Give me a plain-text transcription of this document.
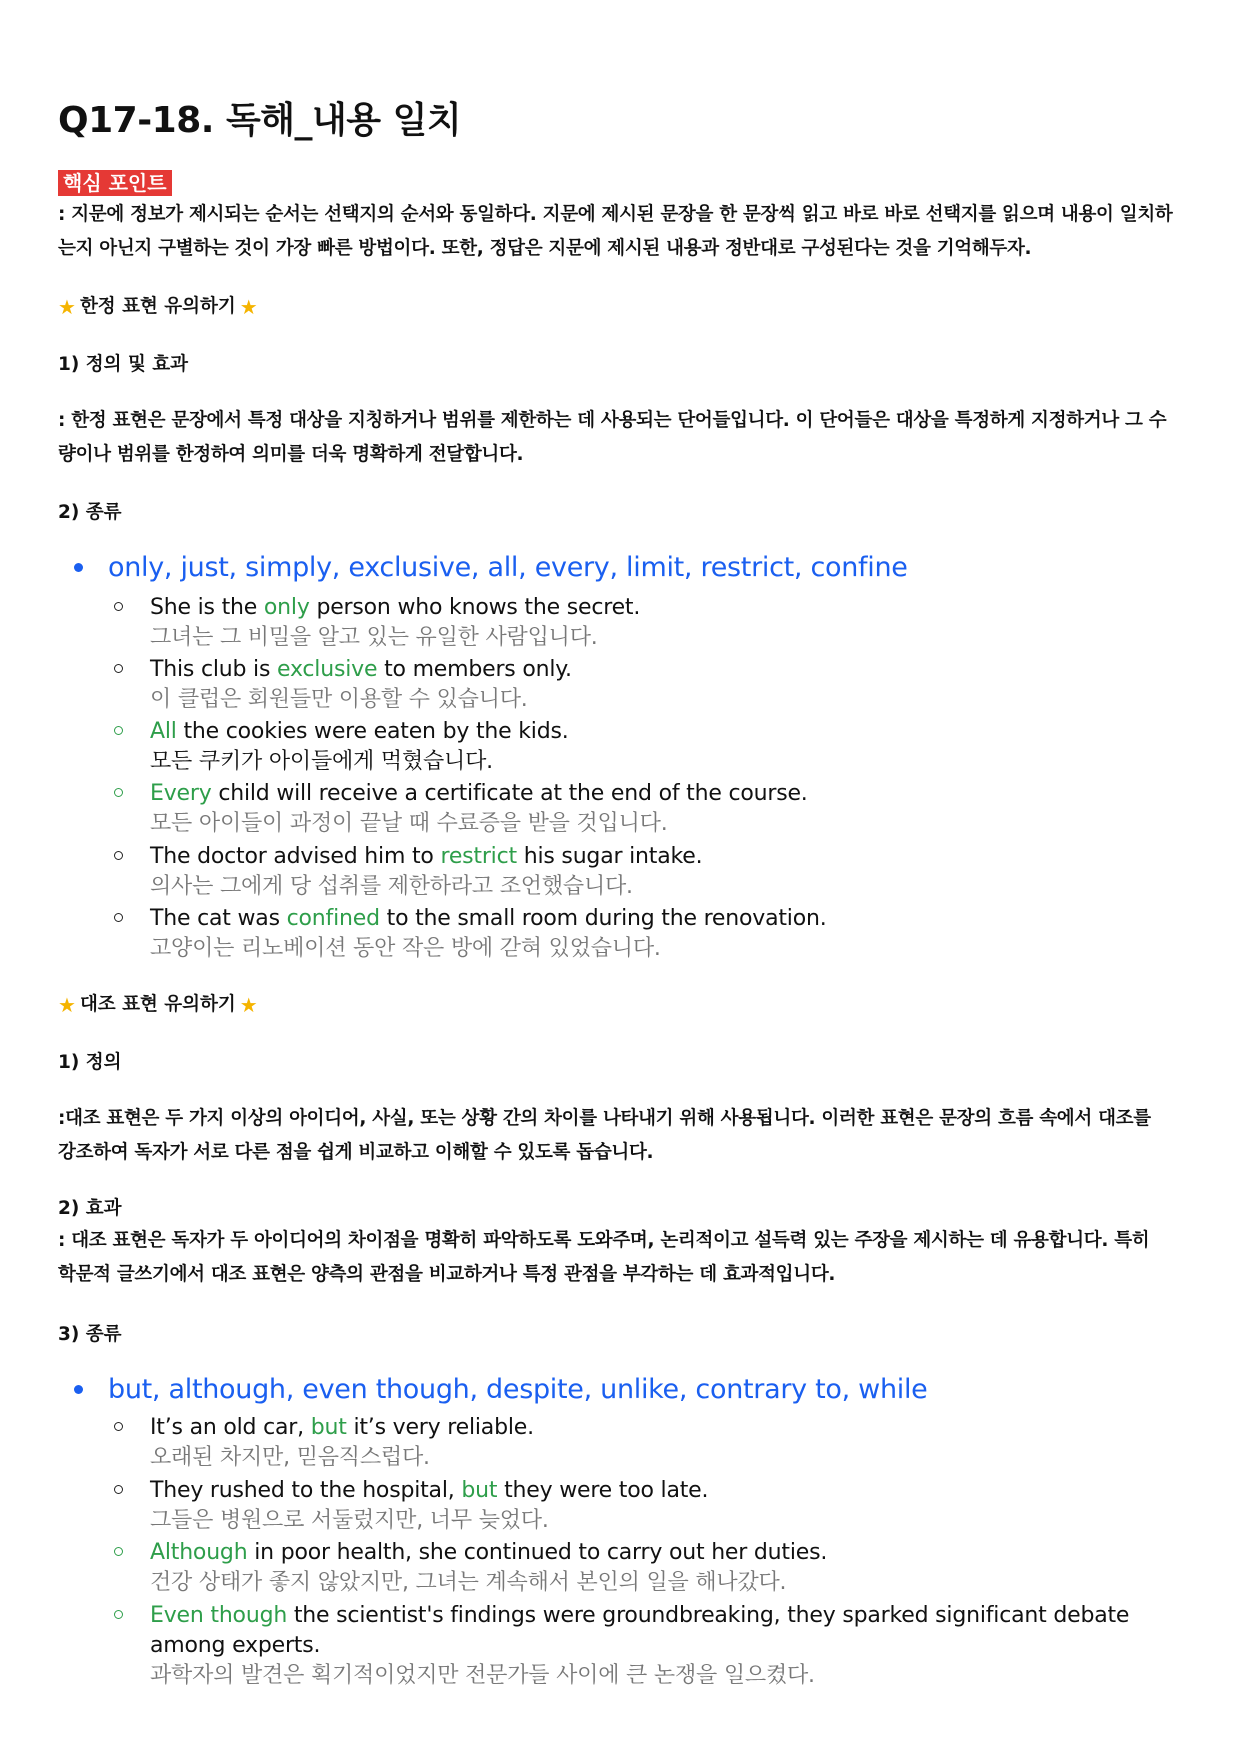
Q17-18. 독해_내용 일치
핵심 포인트

: 지문에 정보가 제시되는 순서는 선택지의 순서와 동일하다. 지문에 제시된 문장을 한 문장씩 읽고 바로 바로 선택지를 읽으며 내용이 일치하는지 아닌지 구별하는 것이 가장 빠른 방법이다. 또한, 정답은 지문에 제시된 내용과 정반대로 구성된다는 것을 기억해두자.

★ 한정 표현 유의하기 ★

1) 정의 및 효과

: 한정 표현은 문장에서 특정 대상을 지칭하거나 범위를 제한하는 데 사용되는 단어들입니다. 이 단어들은 대상을 특정하게 지정하거나 그 수량이나 범위를 한정하여 의미를 더욱 명확하게 전달합니다.

2) 종류

only, just, simply, exclusive, all, every, limit, restrict, confine
She is the only person who knows the secret.
그녀는 그 비밀을 알고 있는 유일한 사람입니다.
This club is exclusive to members only.
이 클럽은 회원들만 이용할 수 있습니다.
All the cookies were eaten by the kids.
모든 쿠키가 아이들에게 먹혔습니다.
Every child will receive a certificate at the end of the course.
모든 아이들이 과정이 끝날 때 수료증을 받을 것입니다.
The doctor advised him to restrict his sugar intake.
의사는 그에게 당 섭취를 제한하라고 조언했습니다.
The cat was confined to the small room during the renovation.
고양이는 리노베이션 동안 작은 방에 갇혀 있었습니다.
★ 대조 표현 유의하기 ★

1) 정의

:대조 표현은 두 가지 이상의 아이디어, 사실, 또는 상황 간의 차이를 나타내기 위해 사용됩니다. 이러한 표현은 문장의 흐름 속에서 대조를 강조하여 독자가 서로 다른 점을 쉽게 비교하고 이해할 수 있도록 돕습니다.

2) 효과

: 대조 표현은 독자가 두 아이디어의 차이점을 명확히 파악하도록 도와주며, 논리적이고 설득력 있는 주장을 제시하는 데 유용합니다. 특히 학문적 글쓰기에서 대조 표현은 양측의 관점을 비교하거나 특정 관점을 부각하는 데 효과적입니다.

3) 종류

but, although, even though, despite, unlike, contrary to, while
It’s an old car, but it’s very reliable.
오래된 차지만, 믿음직스럽다.
They rushed to the hospital, but they were too late.
그들은 병원으로 서둘렀지만, 너무 늦었다.
Although in poor health, she continued to carry out her duties.
건강 상태가 좋지 않았지만, 그녀는 계속해서 본인의 일을 해나갔다.
Even though the scientist's findings were groundbreaking, they sparked significant debate among experts.
과학자의 발견은 획기적이었지만 전문가들 사이에 큰 논쟁을 일으켰다.
